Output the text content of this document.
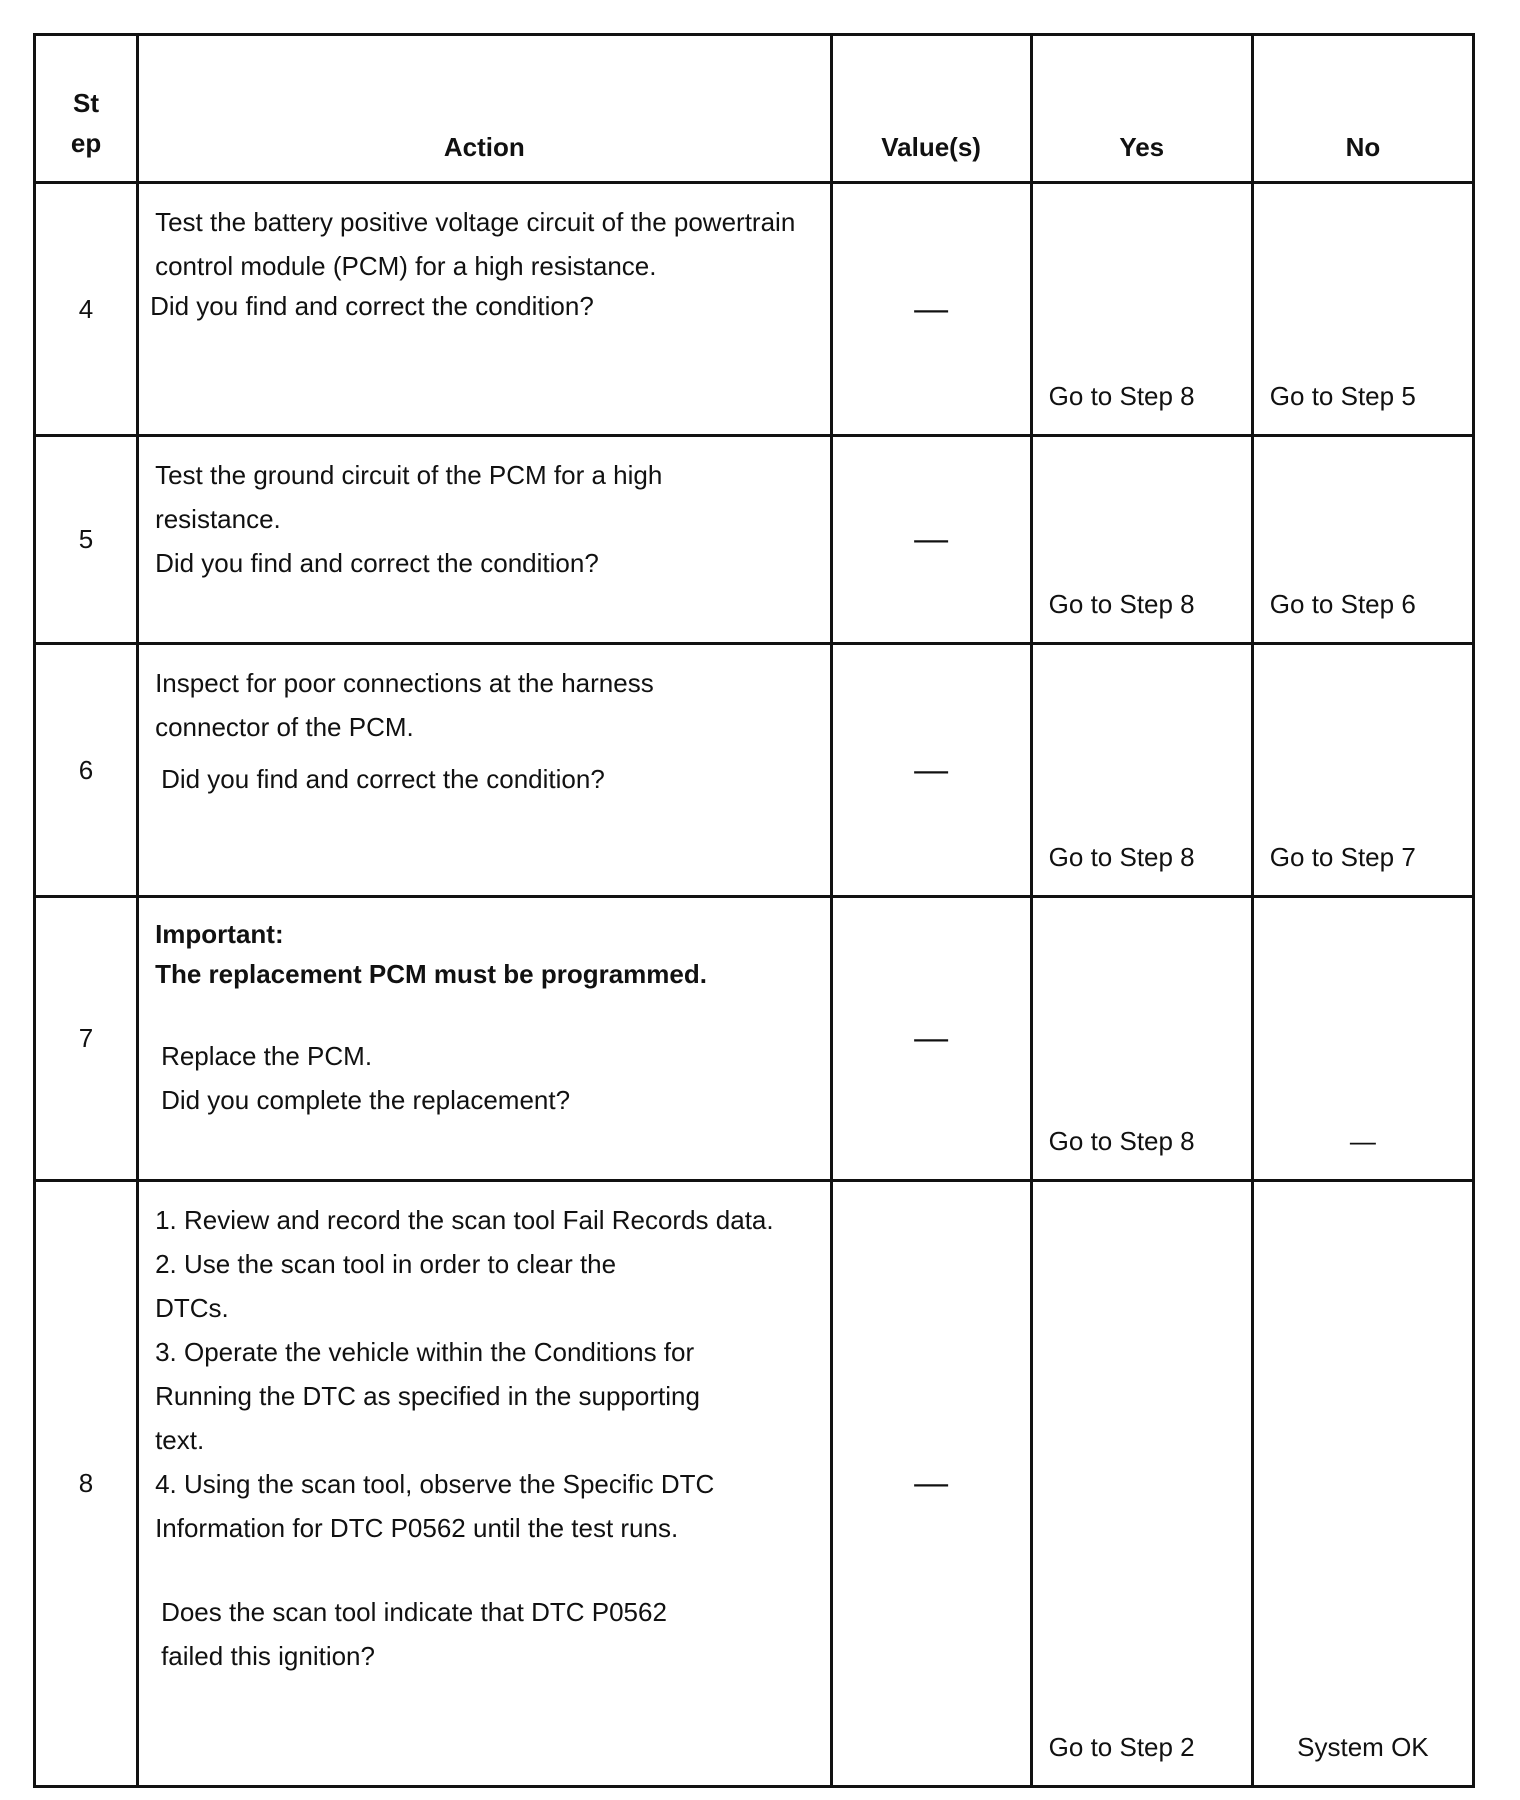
St
ep	Action	Value(s)	Yes	No
4	Test the battery positive voltage circuit of the powertrain control module (PCM) for a high resistance.

Did you find and correct the condition?	—	Go to Step 8	Go to Step 5
5	Test the ground circuit of the PCM for a high resistance.

Did you find and correct the condition?	—	Go to Step 8	Go to Step 6
6	Inspect for poor connections at the harness connector of the PCM.

Did you find and correct the condition?	—	Go to Step 8	Go to Step 7
7	Important:

The replacement PCM must be programmed.

Replace the PCM.

Did you complete the replacement?	—	Go to Step 8	—
8	1. Review and record the scan tool Fail Records data.

2. Use the scan tool in order to clear the DTCs.

3. Operate the vehicle within the Conditions for Running the DTC as specified in the supporting text.

4. Using the scan tool, observe the Specific DTC Information for DTC P0562 until the test runs.

Does the scan tool indicate that DTC P0562 failed this ignition?	—	Go to Step 2	System OK
